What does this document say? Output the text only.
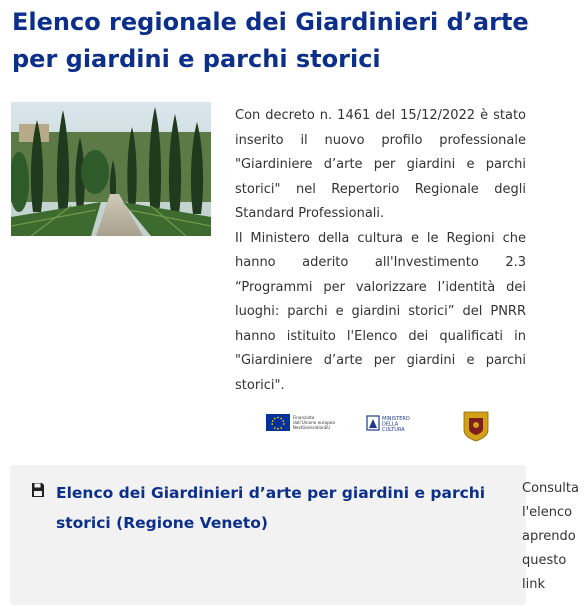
Elenco regionale dei Giardinieri d’arte per giardini e parchi storici

Con decreto n. 1461 del 15/12/2022 è stato inserito il nuovo profilo professionale "Giardiniere d’arte per giardini e parchi storici" nel Repertorio Regionale degli Standard Professionali.

Il Ministero della cultura e le Regioni che hanno aderito all'Investimento 2.3 “Programmi per valorizzare l’identità dei luoghi: parchi e giardini storici” del PNRR hanno istituito l'Elenco dei qualificati in "Giardiniere d’arte per giardini e parchi storici".

Finanziato
dall'Unione europea
NextGenerationEU
MINISTERO
DELLA
CULTURA
Elenco dei Giardinieri d’arte per giardini e parchi storici (Regione Veneto)
Consulta l'elenco aprendo questo link
